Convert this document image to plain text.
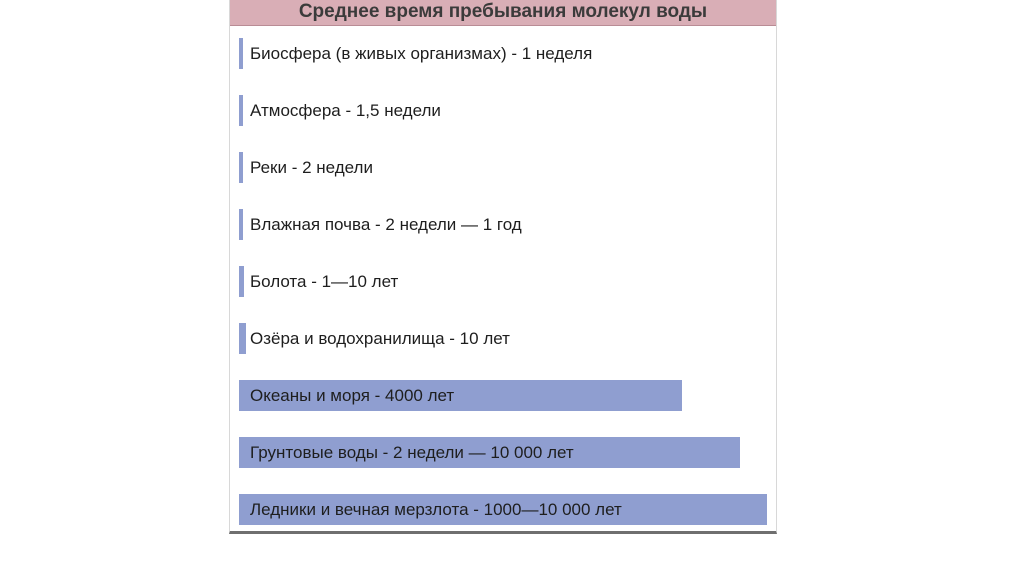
Среднее время пребывания молекул воды
Биосфера (в живых организмах) - 1 неделя
Атмосфера - 1,5 недели
Реки - 2 недели
Влажная почва - 2 недели — 1 год
Болота - 1—10 лет
Озёра и водохранилища - 10 лет
Океаны и моря - 4000 лет
Грунтовые воды - 2 недели — 10 000 лет
Ледники и вечная мерзлота - 1000—10 000 лет
